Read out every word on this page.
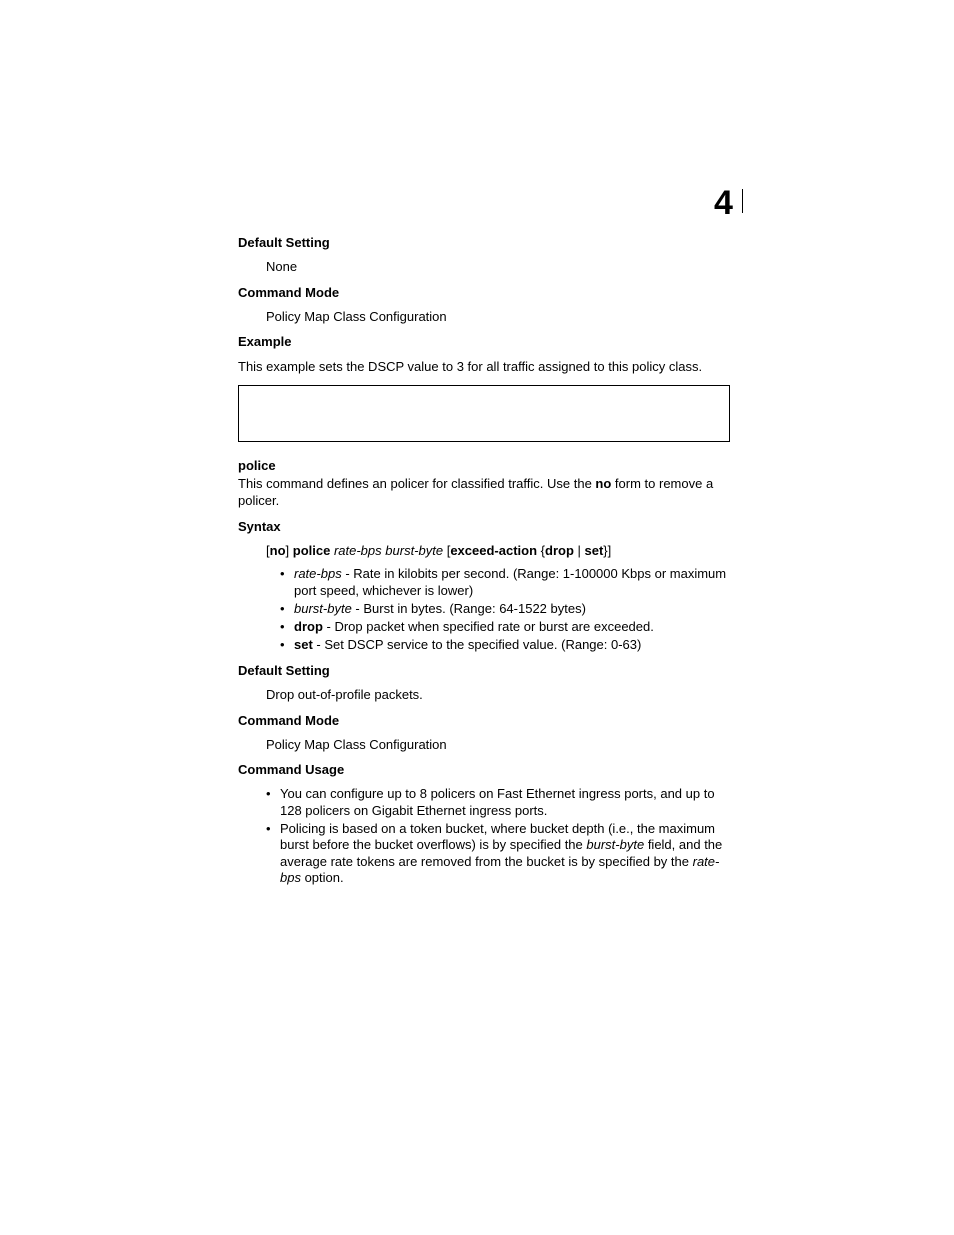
4
Default Setting
None
Command Mode
Policy Map Class Configuration
Example
This example sets the DSCP value to 3 for all traffic assigned to this policy class.
police
This command defines an policer for classified traffic. Use the no form to remove a policer.
Syntax
[no] police rate-bps burst-byte [exceed-action {drop | set}]
• rate-bps - Rate in kilobits per second. (Range: 1-100000 Kbps or maximum port speed, whichever is lower)
• burst-byte - Burst in bytes. (Range: 64-1522 bytes)
• drop - Drop packet when specified rate or burst are exceeded.
• set - Set DSCP service to the specified value. (Range: 0-63)
Default Setting
Drop out-of-profile packets.
Command Mode
Policy Map Class Configuration
Command Usage
• You can configure up to 8 policers on Fast Ethernet ingress ports, and up to 128 policers on Gigabit Ethernet ingress ports.
• Policing is based on a token bucket, where bucket depth (i.e., the maximum burst before the bucket overflows) is by specified the burst-byte field, and the average rate tokens are removed from the bucket is by specified by the rate-bps option.
